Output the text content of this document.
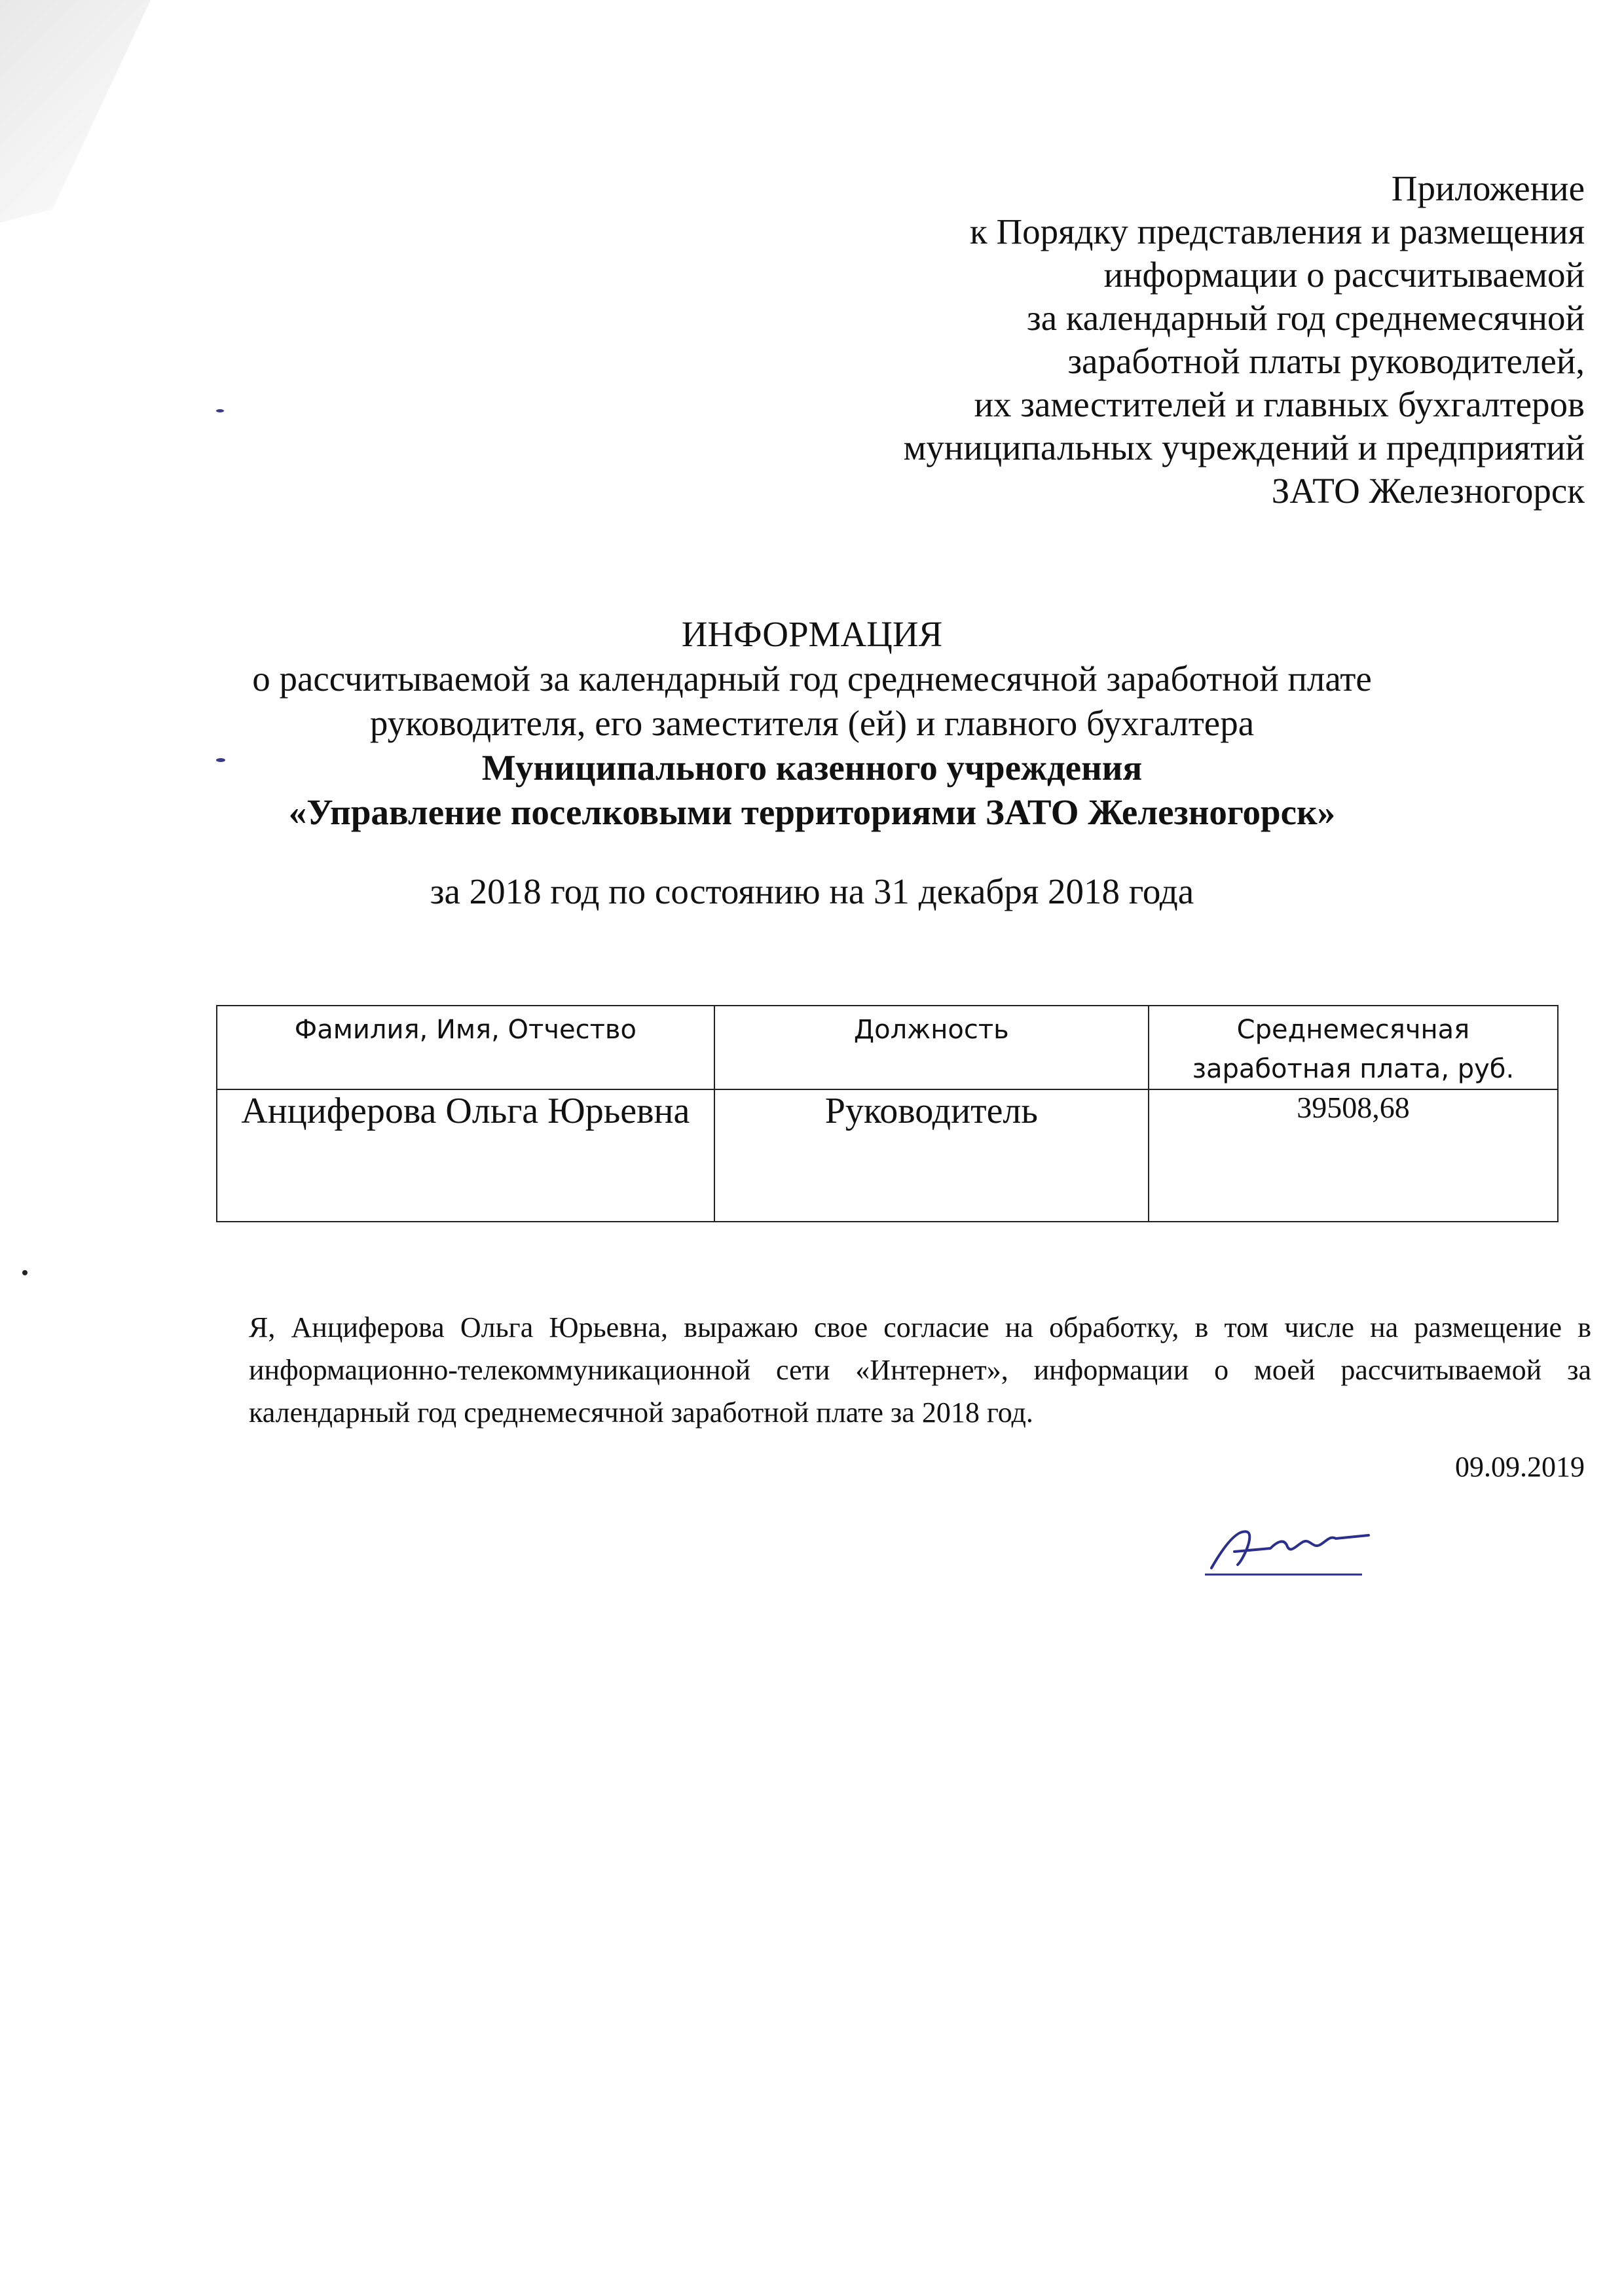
Приложение
к Порядку представления и размещения
информации о рассчитываемой
за календарный год среднемесячной
заработной платы руководителей,
их заместителей и главных бухгалтеров
муниципальных учреждений и предприятий
ЗАТО Железногорск
ИНФОРМАЦИЯ
о рассчитываемой за календарный год среднемесячной заработной плате
руководителя, его заместителя (ей) и главного бухгалтера
Муниципального казенного учреждения
«Управление поселковыми территориями ЗАТО Железногорск»
за 2018 год по состоянию на 31 декабря 2018 года
Фамилия, Имя, Отчество	Должность	Среднемесячная заработная плата, руб.
Анциферова Ольга Юрьевна	Руководитель	39508,68
Я, Анциферова Ольга Юрьевна, выражаю свое согласие на обработку, в том числе на размещение в информационно-телекоммуникационной сети «Интернет», информации о моей рассчитываемой за календарный год среднемесячной заработной плате за 2018 год.
09.09.2019
